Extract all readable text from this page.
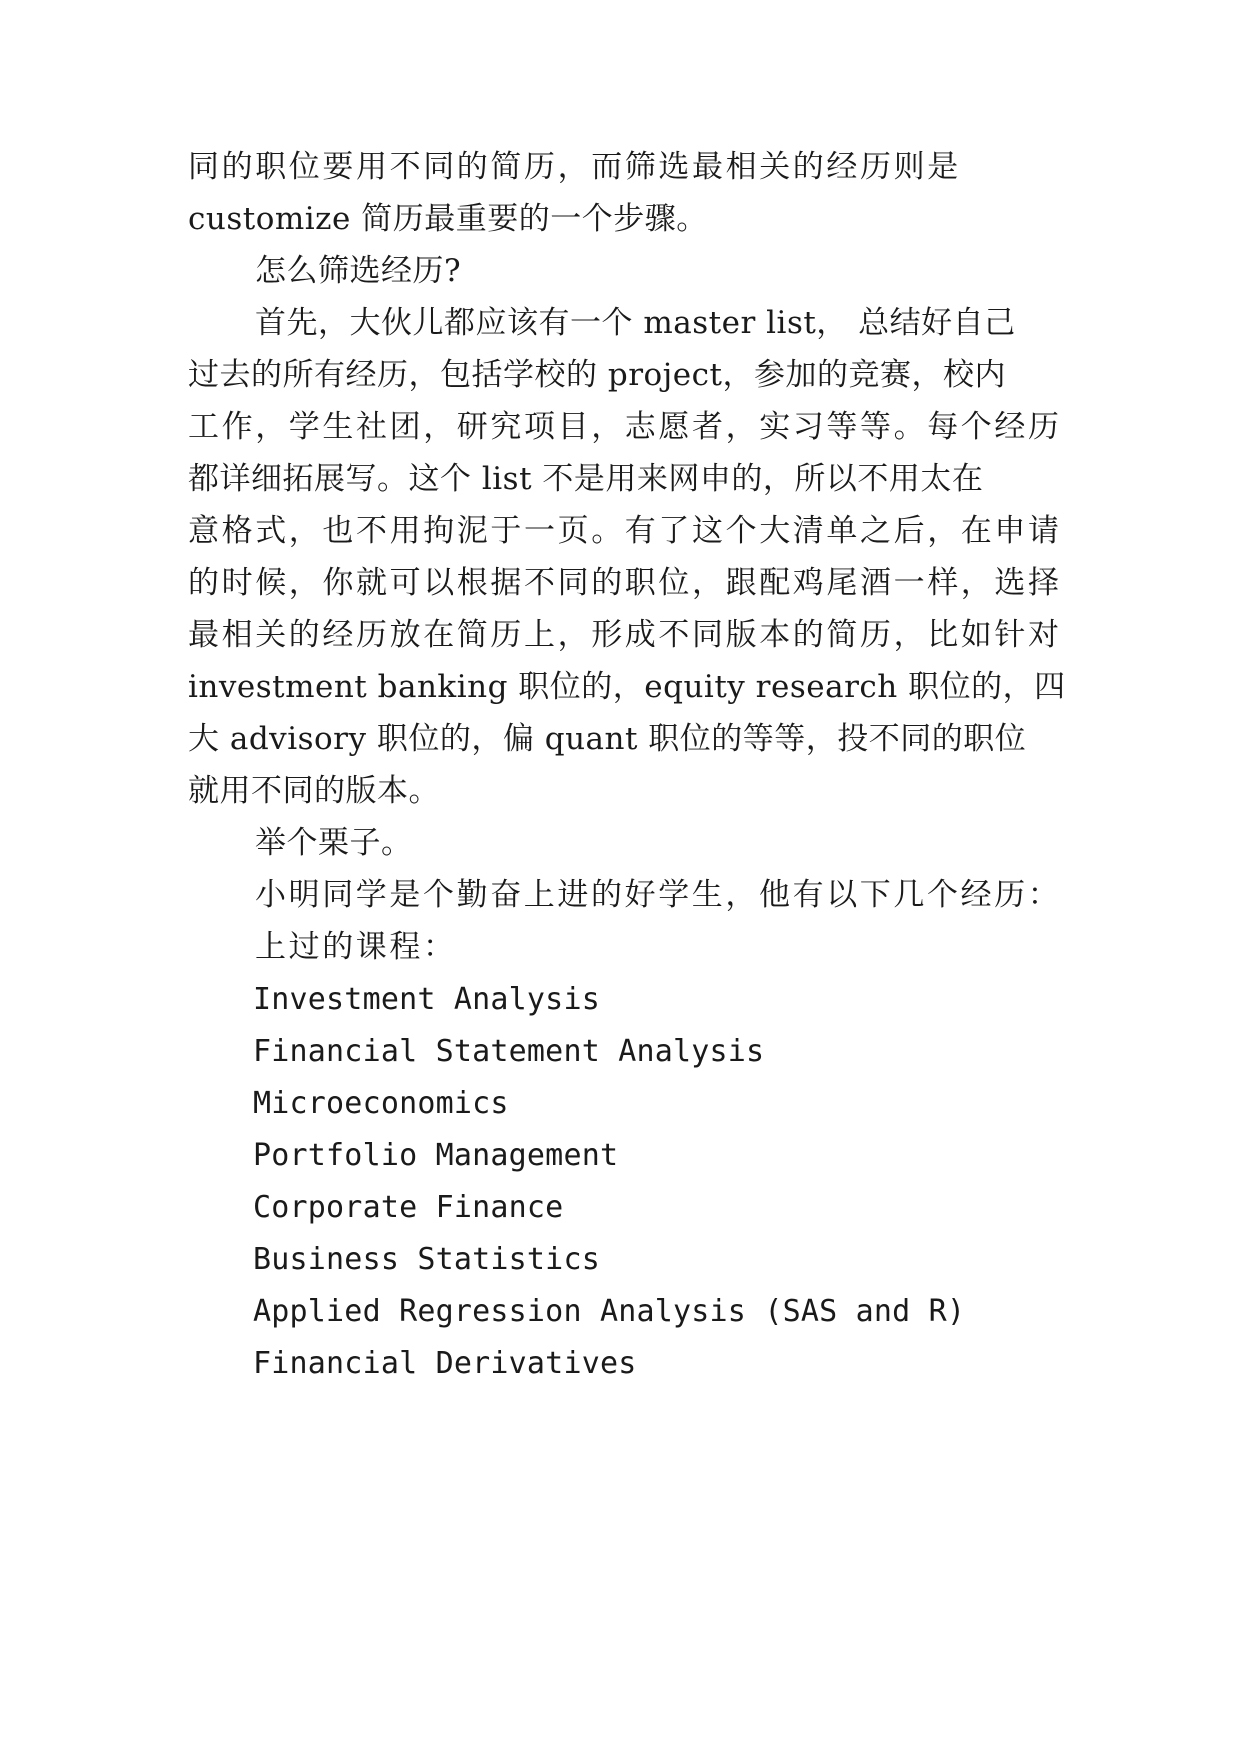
同的职位要用不同的简历，而筛选最相关的经历则是
customize 简历最重要的一个步骤。
怎么筛选经历?
首先，大伙儿都应该有一个 master list， 总结好自己
过去的所有经历，包括学校的 project，参加的竞赛，校内
工作，学生社团，研究项目，志愿者，实习等等。每个经历
都详细拓展写。这个 list 不是用来网申的，所以不用太在
意格式，也不用拘泥于一页。有了这个大清单之后，在申请
的时候，你就可以根据不同的职位，跟配鸡尾酒一样，选择
最相关的经历放在简历上，形成不同版本的简历，比如针对
investment banking 职位的，equity research 职位的，四
大 advisory 职位的，偏 quant 职位的等等，投不同的职位
就用不同的版本。
举个栗子。
小明同学是个勤奋上进的好学生，他有以下几个经历：
上过的课程：
Investment Analysis
Financial Statement Analysis
Microeconomics
Portfolio Management
Corporate Finance
Business Statistics
Applied Regression Analysis (SAS and R)
Financial Derivatives
